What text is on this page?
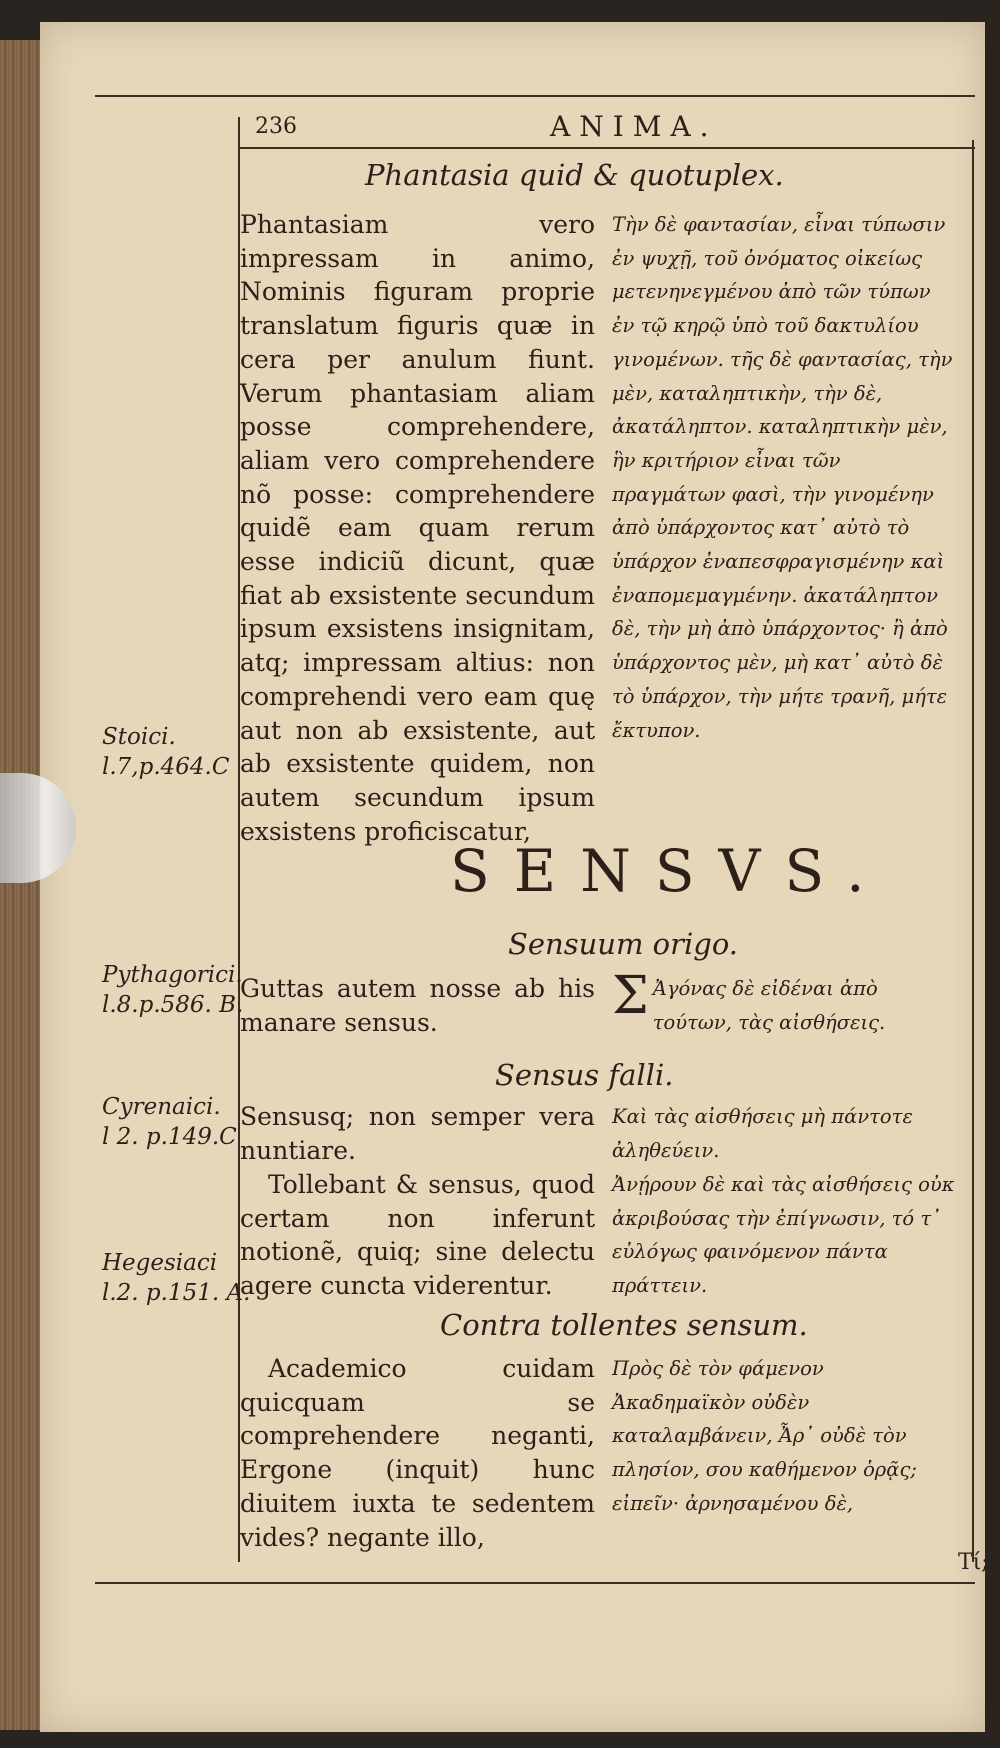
236	ANIMA.
Phantasia quid & quotuplex.
Phantasiam vero impressam in animo, Nominis figuram proprie translatum figuris quæ in cera per anulum fiunt. Verum phantasiam aliam posse comprehendere, aliam vero comprehendere nõ posse: comprehendere quidẽ eam quam rerum esse indiciũ dicunt, quæ fiat ab exsistente secundum ipsum exsistens insignitam, atq; impressam altius: non comprehendi vero eam quę aut non ab exsistente, aut ab exsistente quidem, non autem secundum ipsum exsistens proficiscatur,
Τὴν δὲ φαντασίαν, εἶναι τύπωσιν ἐν ψυχῇ, τοῦ ὀνόματος οἰκείως μετενηνεγμένου ἀπὸ τῶν τύπων ἐν τῷ κηρῷ ὑπὸ τοῦ δακτυλίου γινομένων. τῆς δὲ φαντασίας, τὴν μὲν, καταληπτικὴν, τὴν δὲ, ἀκατάληπτον. καταληπτικὴν μὲν, ἣν κριτήριον εἶναι τῶν πραγμάτων φασὶ, τὴν γινομένην ἀπὸ ὑπάρχοντος κατ᾽ αὐτὸ τὸ ὑπάρχον ἐναπεσφραγισμένην καὶ ἐναπομεμαγμένην. ἀκατάληπτον δὲ, τὴν μὴ ἀπὸ ὑπάρχοντος· ἢ ἀπὸ ὑπάρχοντος μὲν, μὴ κατ᾽ αὐτὸ δὲ τὸ ὑπάρχον, τὴν μήτε τρανῆ, μήτε ἔκτυπον.
Stoici.
l.7,p.464.C
SENSVS.
Sensuum origo.
Guttas autem nosse ab his manare sensus.	Σ Ἀγόνας δὲ εἰδέναι ἀπὸ τούτων, τὰς αἰσθήσεις.
Pythagorici.
l.8.p.586. B.
Sensus falli.
Sensusq; non semper vera nuntiare.
Καὶ τὰς αἰσθήσεις μὴ πάντοτε ἀληθεύειν.
Tollebant & sensus, quod certam non inferunt notionẽ, quiq; sine delectu agere cuncta viderentur.
Ἀνῄρουν δὲ καὶ τὰς αἰσθήσεις οὐκ ἀκριβούσας τὴν ἐπίγνωσιν, τό τ᾽ εὐλόγως φαινόμενον πάντα πράττειν.
Cyrenaici.
l 2. p.149.C
Hegesiaci
l.2. p.151. A.
Contra tollentes sensum.
Academico cuidam quicquam se comprehendere neganti, Ergone (inquit) hunc diuitem iuxta te sedentem vides? negante illo,
Πρὸς δὲ τὸν φάμενον Ἀκαδημαϊκὸν οὐδὲν καταλαμβάνειν, Ἆρ᾽ οὐδὲ τὸν πλησίον, σου καθήμενον ὁρᾷς; εἰπεῖν· ἀρνησαμένου δὲ,
Τί;
